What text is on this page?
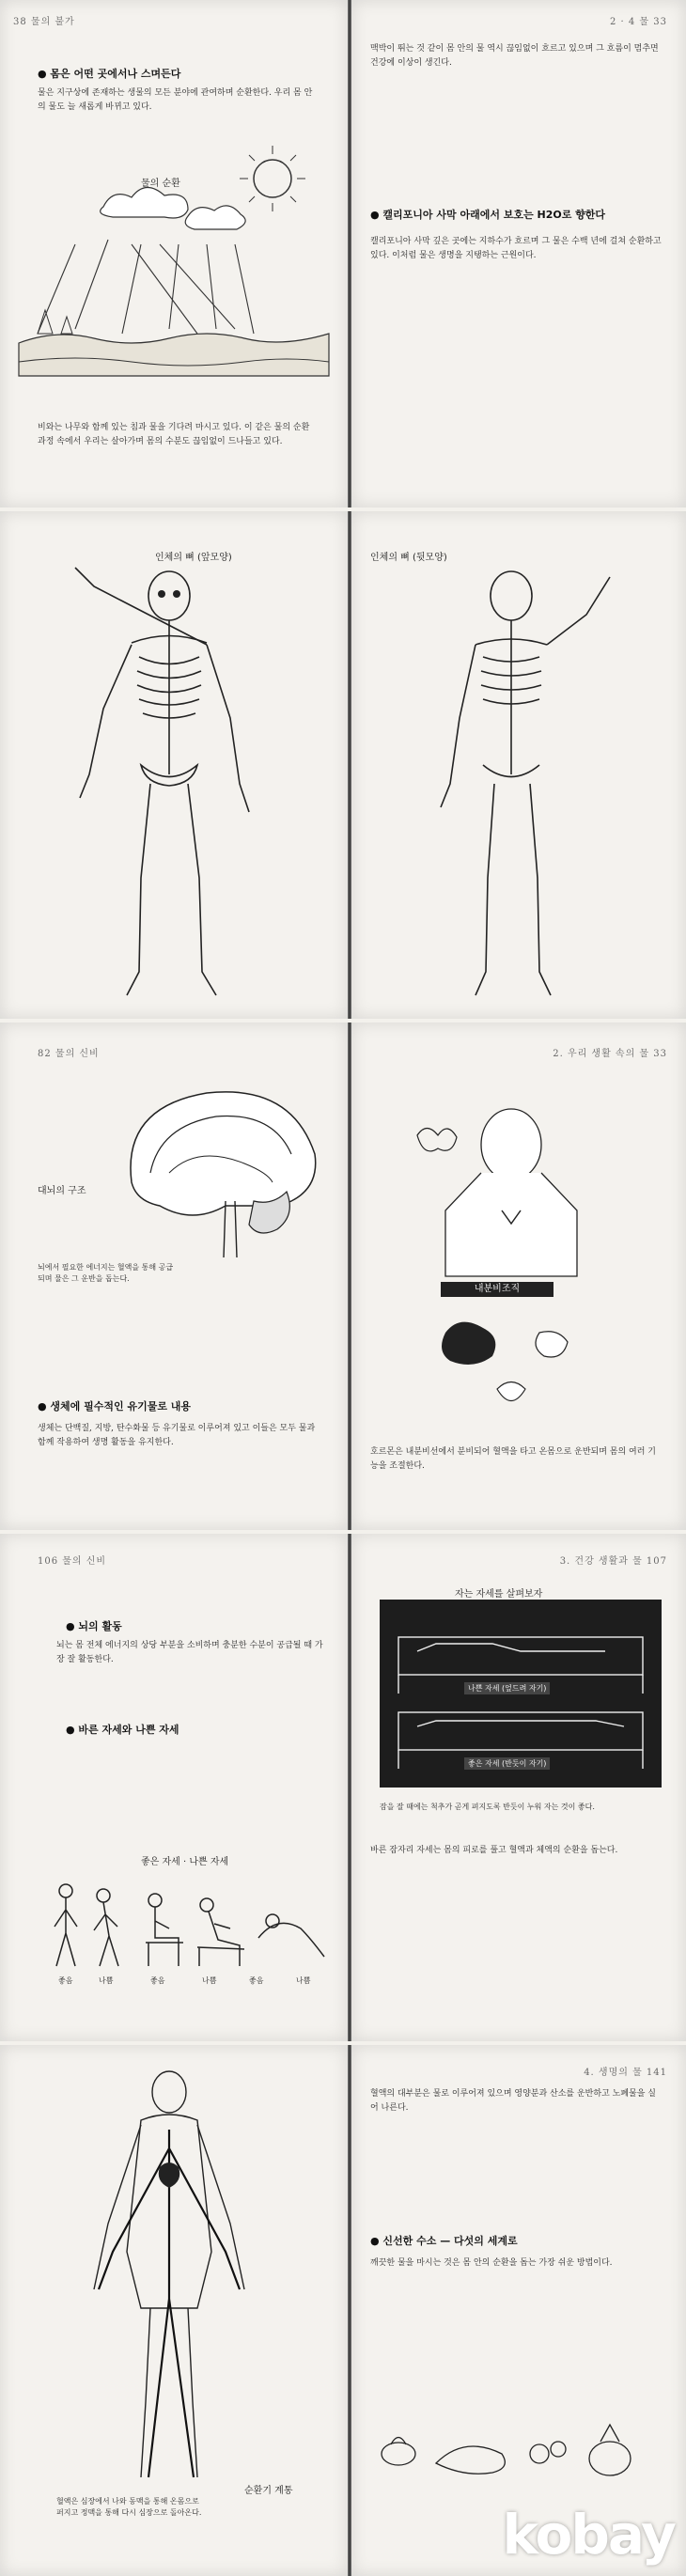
38 물의 불가
● 몸은 어떤 곳에서나 스며든다
물은 지구상에 존재하는 생물의 모든 분야에 관여하며 순환한다. 우리 몸 안의 물도 늘 새롭게 바뀌고 있다.
물의 순환
비와는 나무와 함께 있는 침과 물을 기다려 마시고 있다. 이 같은 물의 순환 과정 속에서 우리는 살아가며 몸의 수분도 끊임없이 드나들고 있다.
2 · 4 물 33
맥박이 뛰는 것 같이 몸 안의 물 역시 끊임없이 흐르고 있으며 그 흐름이 멈추면 건강에 이상이 생긴다.
● 캘리포니아 사막 아래에서 보호는 H2O로 향한다
캘리포니아 사막 깊은 곳에는 지하수가 흐르며 그 물은 수백 년에 걸쳐 순환하고 있다. 이처럼 물은 생명을 지탱하는 근원이다.
인체의 뼈 (앞모양)	인체의 뼈 (뒷모양)
82 물의 신비
대뇌의 구조
뇌에서 필요한 에너지는 혈액을 통해 공급되며 물은 그 운반을 돕는다.
● 생체에 필수적인 유기물로 내용
생체는 단백질, 지방, 탄수화물 등 유기물로 이루어져 있고 이들은 모두 물과 함께 작용하여 생명 활동을 유지한다.
2. 우리 생활 속의 물 33
내분비조직
호르몬은 내분비선에서 분비되어 혈액을 타고 온몸으로 운반되며 몸의 여러 기능을 조절한다.
106 물의 신비
● 뇌의 활동
뇌는 몸 전체 에너지의 상당 부분을 소비하며 충분한 수분이 공급될 때 가장 잘 활동한다.
● 바른 자세와 나쁜 자세
좋은 자세 · 나쁜 자세
좋음	나쁨	좋음	나쁨	좋음	나쁨
3. 건강 생활과 물 107
자는 자세를 살펴보자
나쁜 자세 (엎드려 자기)
좋은 자세 (반듯이 자기)
잠을 잘 때에는 척추가 곧게 펴지도록 반듯이 누워 자는 것이 좋다.
바른 잠자리 자세는 몸의 피로를 풀고 혈액과 체액의 순환을 돕는다.
순환기 계통
혈액은 심장에서 나와 동맥을 통해 온몸으로 퍼지고 정맥을 통해 다시 심장으로 돌아온다.
4. 생명의 물 141
혈액의 대부분은 물로 이루어져 있으며 영양분과 산소를 운반하고 노폐물을 실어 나른다.
● 신선한 수소 — 다섯의 세계로
깨끗한 물을 마시는 것은 몸 안의 순환을 돕는 가장 쉬운 방법이다.
kobay
